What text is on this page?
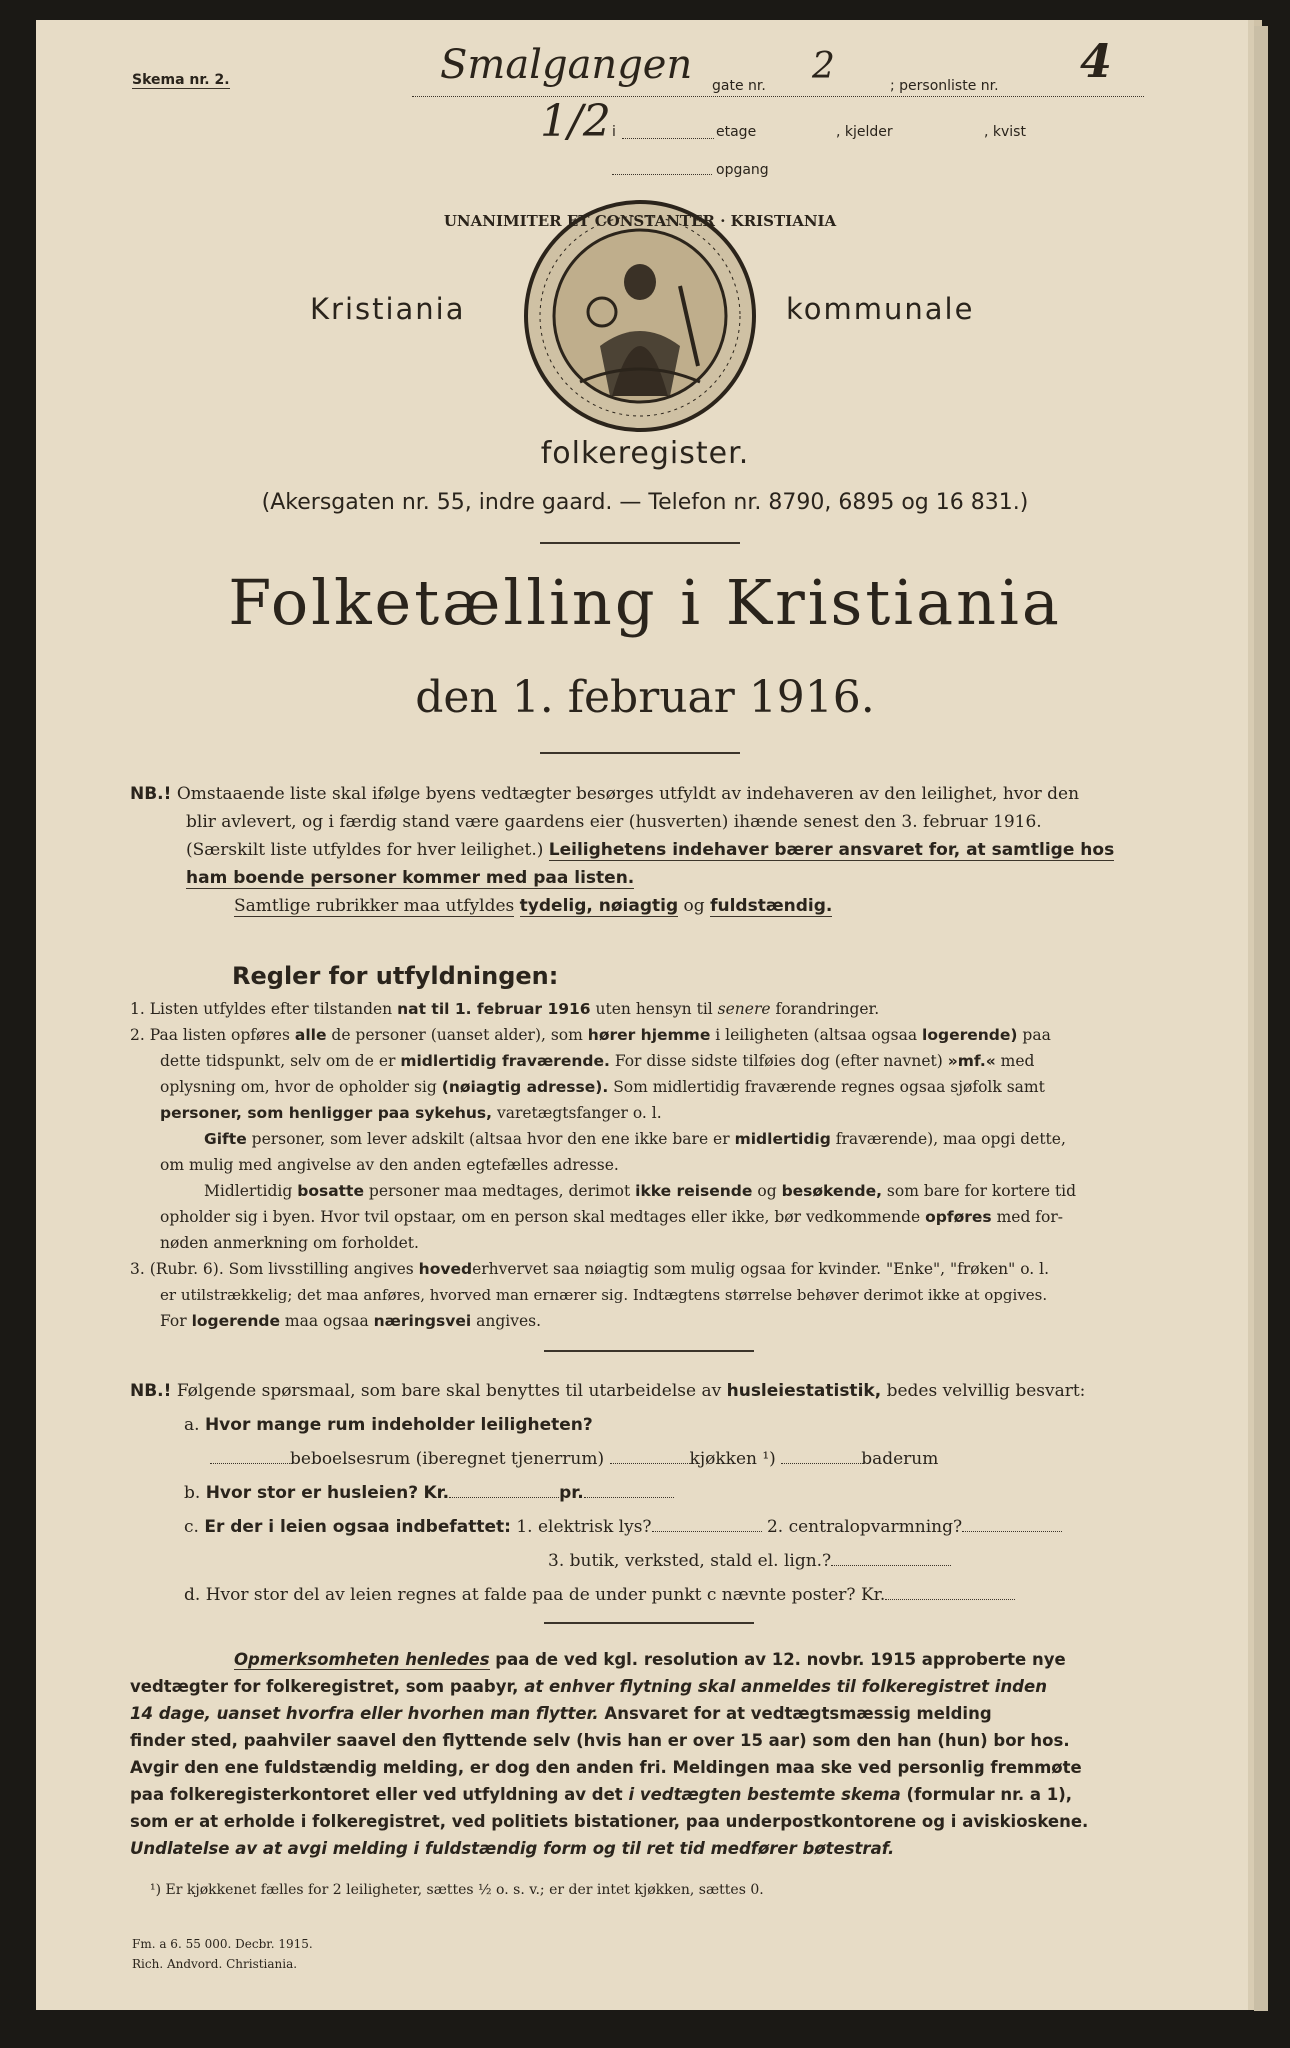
Skema nr. 2.	Smalgangen gate nr. 2	; personliste nr. 4
i
1/2	etage	, kjelder	, kvist
opgang
Kristiania	kommunale
UNANIMITER ET CONSTANTER · KRISTIANIA
folkeregister.
(Akersgaten nr. 55, indre gaard. — Telefon nr. 8790, 6895 og 16 831.)
Folketælling i Kristiania
den 1. februar 1916.
NB.! Omstaaende liste skal ifølge byens vedtægter besørges utfyldt av indehaveren av den leilighet, hvor den
blir avlevert, og i færdig stand være gaardens eier (husverten) ihænde senest den 3. februar 1916.
(Særskilt liste utfyldes for hver leilighet.) Leilighetens indehaver bærer ansvaret for, at samtlige hos
ham boende personer kommer med paa listen.
Samtlige rubrikker maa utfyldes tydelig, nøiagtig og fuldstændig.
Regler for utfyldningen:
1. Listen utfyldes efter tilstanden nat til 1. februar 1916 uten hensyn til senere forandringer.
2. Paa listen opføres alle de personer (uanset alder), som hører hjemme i leiligheten (altsaa ogsaa logerende) paa
dette tidspunkt, selv om de er midlertidig fraværende. For disse sidste tilføies dog (efter navnet) »mf.« med
oplysning om, hvor de opholder sig (nøiagtig adresse). Som midlertidig fraværende regnes ogsaa sjøfolk samt
personer, som henligger paa sykehus, varetægtsfanger o. l.
Gifte personer, som lever adskilt (altsaa hvor den ene ikke bare er midlertidig fraværende), maa opgi dette,
om mulig med angivelse av den anden egtefælles adresse.
Midlertidig bosatte personer maa medtages, derimot ikke reisende og besøkende, som bare for kortere tid
opholder sig i byen. Hvor tvil opstaar, om en person skal medtages eller ikke, bør vedkommende opføres med for-
nøden anmerkning om forholdet.
3. (Rubr. 6). Som livsstilling angives hovederhvervet saa nøiagtig som mulig ogsaa for kvinder. "Enke", "frøken" o. l.
er utilstrækkelig; det maa anføres, hvorved man ernærer sig. Indtægtens størrelse behøver derimot ikke at opgives.
For logerende maa ogsaa næringsvei angives.
NB.! Følgende spørsmaal, som bare skal benyttes til utarbeidelse av husleiestatistik, bedes velvillig besvart:
a. Hvor mange rum indeholder leiligheten?
beboelsesrum (iberegnet tjenerrum)	kjøkken ¹)	baderum
b. Hvor stor er husleien? Kr.	pr.
c. Er der i leien ogsaa indbefattet: 1. elektrisk lys?	2. centralopvarmning?
3. butik, verksted, stald el. lign.?
d. Hvor stor del av leien regnes at falde paa de under punkt c nævnte poster? Kr.
Opmerksomheten henledes paa de ved kgl. resolution av 12. novbr. 1915 approberte nye
vedtægter for folkeregistret, som paabyr, at enhver flytning skal anmeldes til folkeregistret inden
14 dage, uanset hvorfra eller hvorhen man flytter. Ansvaret for at vedtægtsmæssig melding
finder sted, paahviler saavel den flyttende selv (hvis han er over 15 aar) som den han (hun) bor hos.
Avgir den ene fuldstændig melding, er dog den anden fri. Meldingen maa ske ved personlig fremmøte
paa folkeregisterkontoret eller ved utfyldning av det i vedtægten bestemte skema (formular nr. a 1),
som er at erholde i folkeregistret, ved politiets bistationer, paa underpostkontorene og i aviskioskene.
Undlatelse av at avgi melding i fuldstændig form og til ret tid medfører bøtestraf.
¹) Er kjøkkenet fælles for 2 leiligheter, sættes ½ o. s. v.; er der intet kjøkken, sættes 0.
Fm. a 6. 55 000. Decbr. 1915.
Rich. Andvord. Christiania.
